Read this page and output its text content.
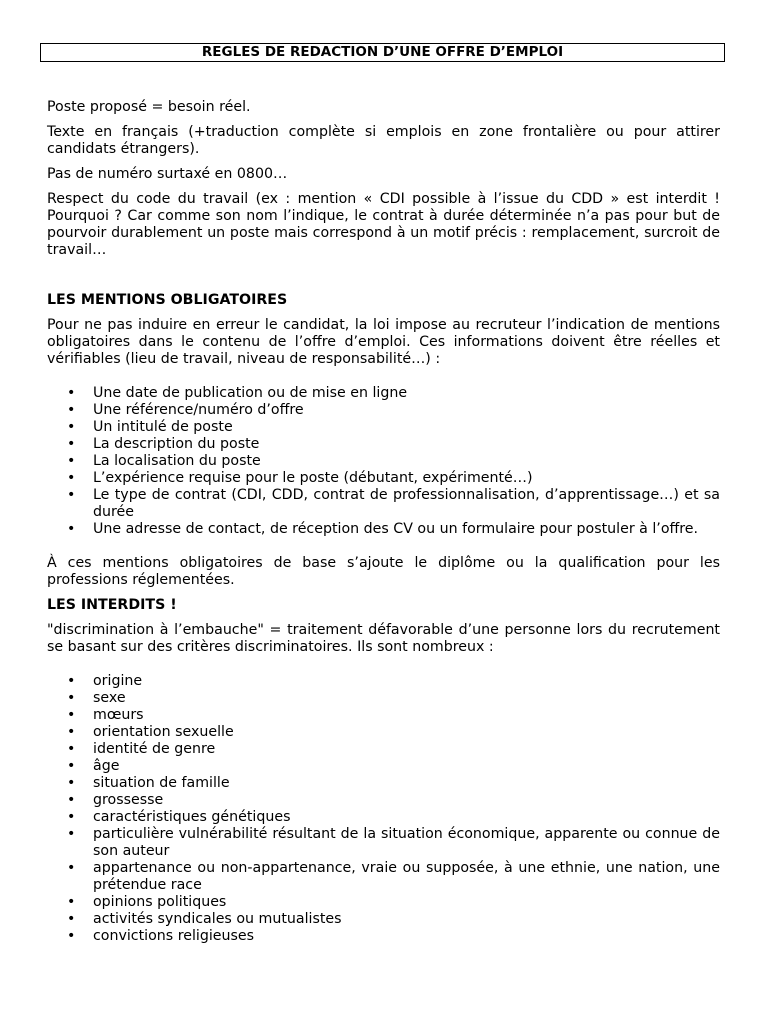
REGLES DE REDACTION D’UNE OFFRE D’EMPLOI

Poste proposé = besoin réel.

Texte en français (+traduction complète si emplois en zone frontalière ou pour attirer candidats étrangers).

Pas de numéro surtaxé en 0800…

Respect du code du travail (ex : mention « CDI possible à l’issue du CDD » est interdit ! Pourquoi ? Car comme son nom l’indique, le contrat à durée déterminée n’a pas pour but de pourvoir durablement un poste mais correspond à un motif précis : remplacement, surcroit de travail…

LES MENTIONS OBLIGATOIRES

Pour ne pas induire en erreur le candidat, la loi impose au recruteur l’indication de mentions obligatoires dans le contenu de l’offre d’emploi. Ces informations doivent être réelles et vérifiables (lieu de travail, niveau de responsabilité…) :

• Une date de publication ou de mise en ligne
• Une référence/numéro d’offre
• Un intitulé de poste
• La description du poste
• La localisation du poste
• L’expérience requise pour le poste (débutant, expérimenté…)
• Le type de contrat (CDI, CDD, contrat de professionnalisation, d’apprentissage…) et sa durée
• Une adresse de contact, de réception des CV ou un formulaire pour postuler à l’offre.

À ces mentions obligatoires de base s’ajoute le diplôme ou la qualification pour les professions réglementées.

LES INTERDITS !

"discrimination à l’embauche" = traitement défavorable d’une personne lors du recrutement se basant sur des critères discriminatoires. Ils sont nombreux :

• origine
• sexe
• mœurs
• orientation sexuelle
• identité de genre
• âge
• situation de famille
• grossesse
• caractéristiques génétiques
• particulière vulnérabilité résultant de la situation économique, apparente ou connue de son auteur
• appartenance ou non-appartenance, vraie ou supposée, à une ethnie, une nation, une prétendue race
• opinions politiques
• activités syndicales ou mutualistes
• convictions religieuses
